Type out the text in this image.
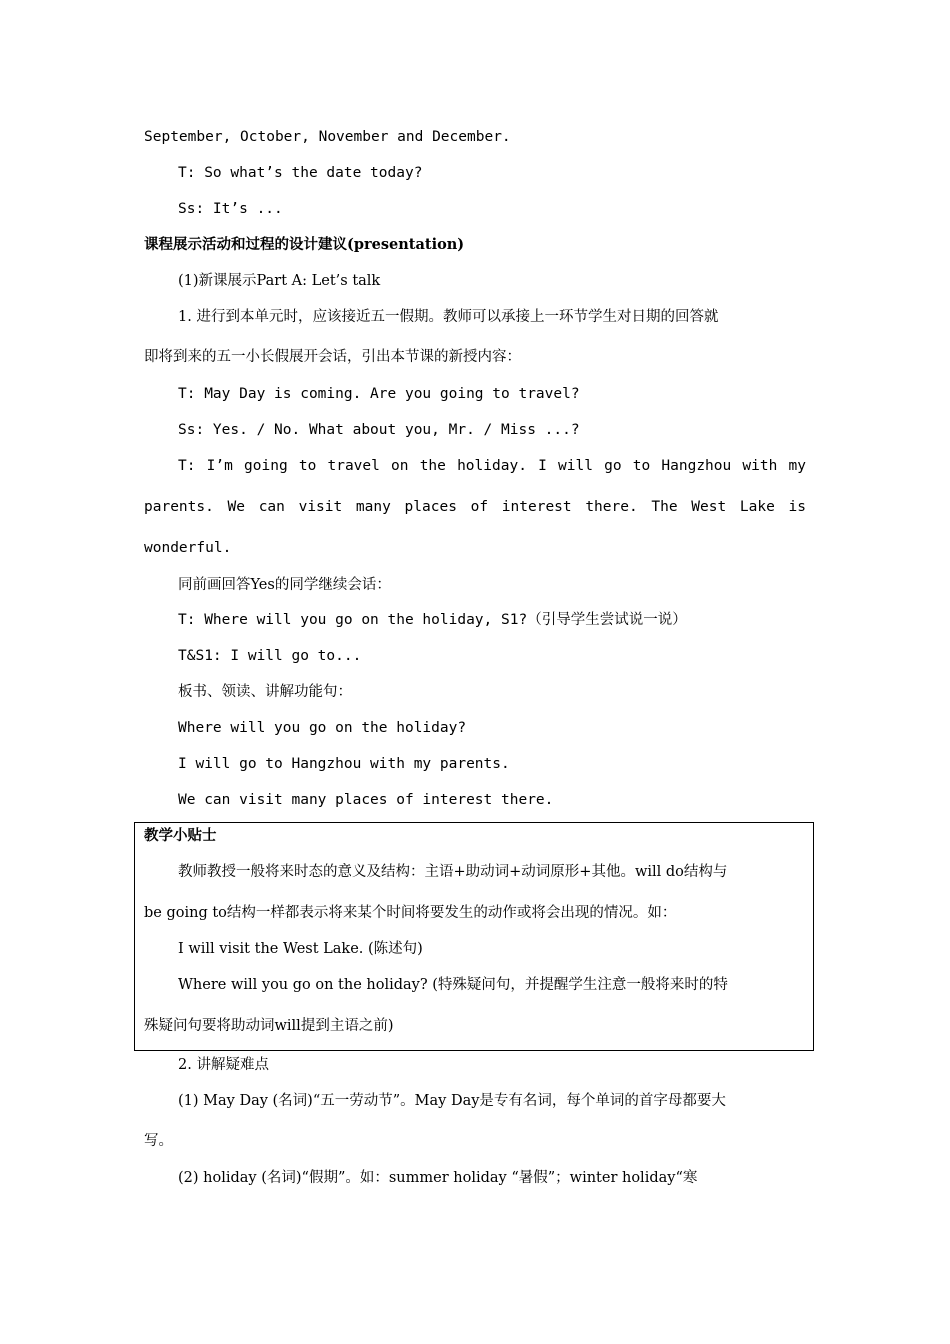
September, October, November and December.
T: So what’s the date today?
Ss: It’s ...
课程展示活动和过程的设计建议(presentation)
(1)新课展示Part A: Let’s talk
1. 进行到本单元时，应该接近五一假期。教师可以承接上一环节学生对日期的回答就
即将到来的五一小长假展开会话，引出本节课的新授内容：
T: May Day is coming. Are you going to travel?
Ss: Yes. / No. What about you, Mr. / Miss ...?
T: I’m going to travel on the holiday. I will go to Hangzhou with my
parents. We can visit many places of interest there. The West Lake is
wonderful.
同前画回答Yes的同学继续会话：
T: Where will you go on the holiday, S1?（引导学生尝试说一说）
T&S1: I will go to...
板书、领读、讲解功能句：
Where will you go on the holiday?
I will go to Hangzhou with my parents.
We can visit many places of interest there.
教学小贴士
教师教授一般将来时态的意义及结构：主语+助动词+动词原形+其他。will do结构与
be going to结构一样都表示将来某个时间将要发生的动作或将会出现的情况。如：
I will visit the West Lake. (陈述句)
Where will you go on the holiday? (特殊疑问句，并提醒学生注意一般将来时的特
殊疑问句要将助动词will提到主语之前)
2. 讲解疑难点
(1) May Day (名词)“五一劳动节”。May Day是专有名词，每个单词的首字母都要大
写。
(2) holiday (名词)“假期”。如：summer holiday “暑假”；winter holiday“寒
